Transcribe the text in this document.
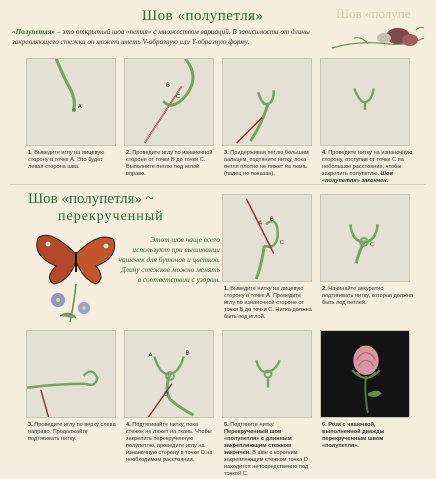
Шов «полупетля»	Шов «полупе
«Полупетля» – это открытый шов «петля» с множеством вариаций. В зависимости от длины закрепляющего стежка он может иметь V-образную или Y-образную форму.
A
1. Выведите иглу на лицевую сторону в точке А. Это будет левая сторона шва.
B
C
2. Проведите иглу по изнаночной стороне от точки В до точки С. Выполните петлю под иглой вправо.
3. Придерживая петлю большим пальцем, подтяните нитку, пока петля плотно не ляжет на ткань (палец не показан).
4. Проведите нитку на изнаночную сторону, отступив от точки С на небольшое расстояние, чтобы закрепить полупетлю. Шов «полупетля» закончен.
Шов «полупетля» ~
перекрученный
Этот шов чаще всего используют при вышивании чашечек для бутонов и цветков. Длину стежков можно менять в соответствии с узором.
A
B
C
1. Выведите нитку на лицевую сторону в точке А. Проведите иглу по изнаночной стороне от точки В до точки С. Нитка должна быть под иглой.
C
2. Начинайте аккуратно подтягивать нитку, которая должна быть под петлей.
3. Проведите иглу по верху слева направо. Продолжайте подтягивать нитку.
A	B
D
4. Подтягивайте нитку, пока стежок не ляжет на ткань. Чтобы закрепить перекрученную полупетлю, проведите иглу на изнаночную сторону в точке D на необходимом расстоянии.
5. Подтяните нитку. Перекрученный шов «полупетля» с длинным закрепляющим стежком закончен. В шве с коротким закрепляющим стежком точка D находится непосредственно под точкой С.
6. Роза с чашечкой, выполненной дважды перекрученным швом «полупетля».
